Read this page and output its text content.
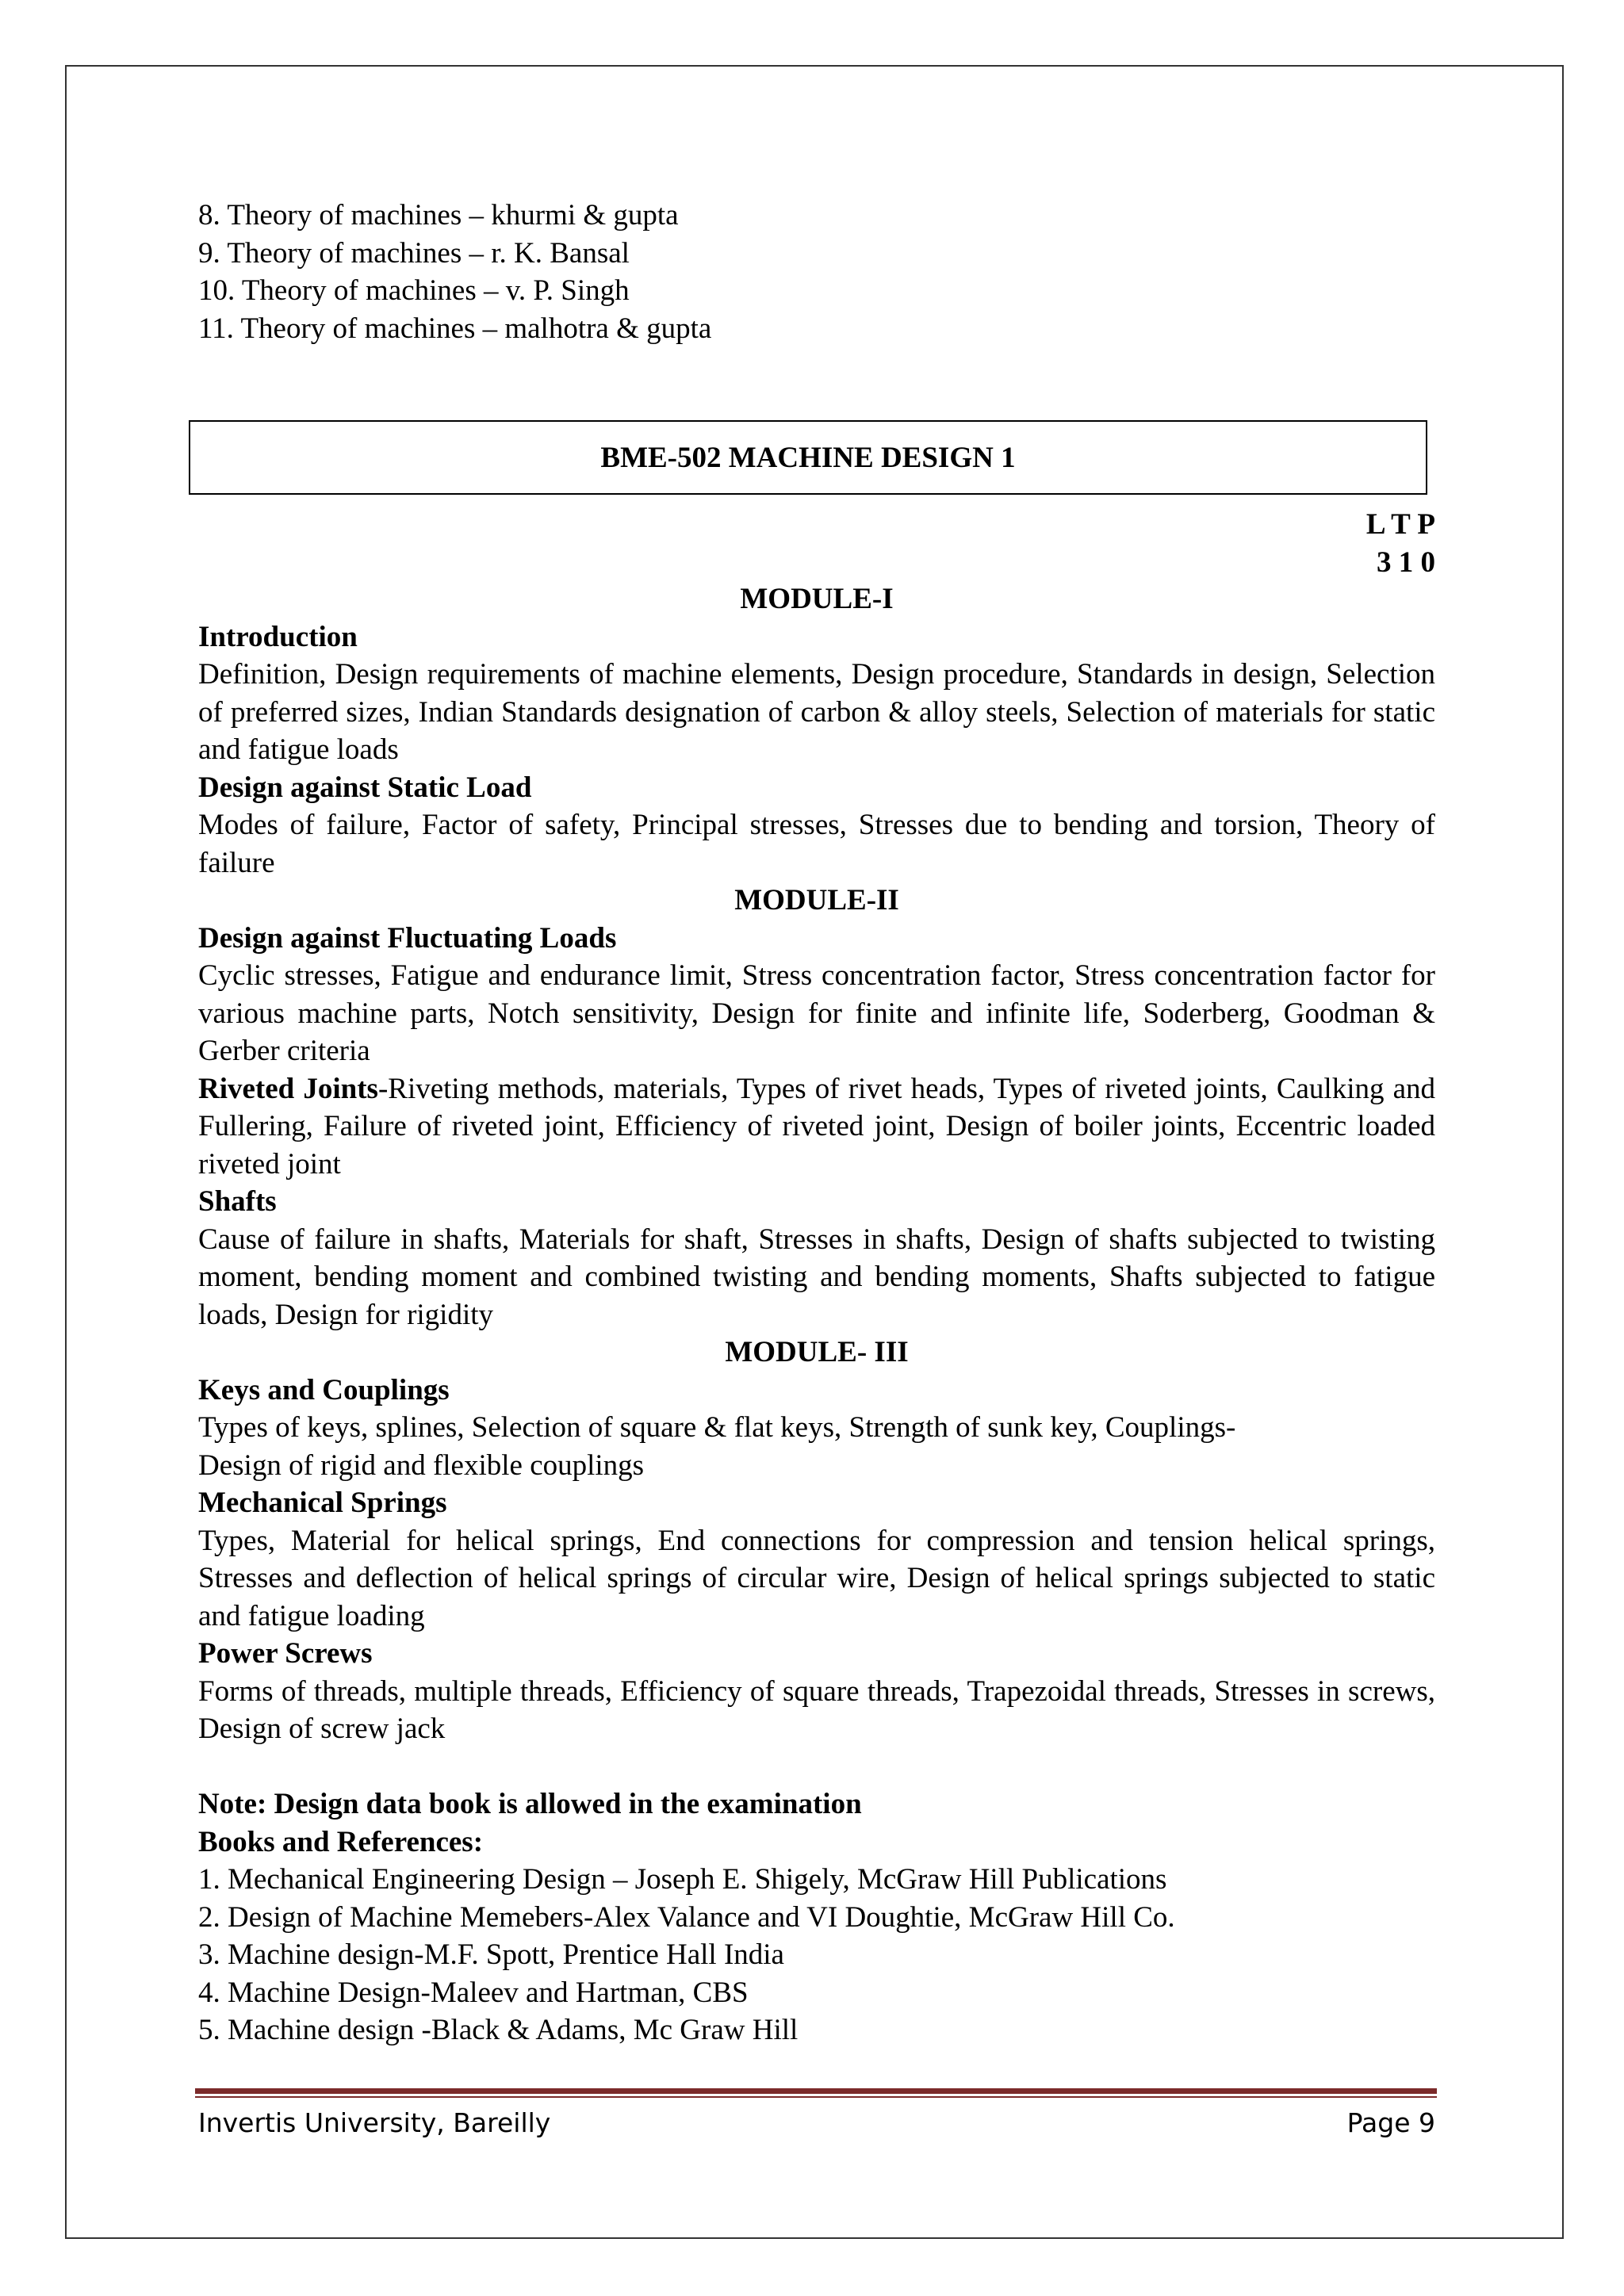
8. Theory of machines – khurmi & gupta
9. Theory of machines – r. K. Bansal
10. Theory of machines – v. P. Singh
11. Theory of machines – malhotra & gupta
BME-502 MACHINE DESIGN 1
L T P
3 1 0
MODULE-I
Introduction
Definition, Design requirements of machine elements, Design procedure, Standards in design, Selection of preferred sizes, Indian Standards designation of carbon & alloy steels, Selection of materials for static and fatigue loads
Design against Static Load
Modes of failure, Factor of safety, Principal stresses, Stresses due to bending and torsion, Theory of failure
MODULE-II
Design against Fluctuating Loads
Cyclic stresses, Fatigue and endurance limit, Stress concentration factor, Stress concentration factor for various machine parts, Notch sensitivity, Design for finite and infinite life, Soderberg, Goodman & Gerber criteria
Riveted Joints-Riveting methods, materials, Types of rivet heads, Types of riveted joints, Caulking and Fullering, Failure of riveted joint, Efficiency of riveted joint, Design of boiler joints, Eccentric loaded riveted joint
Shafts
Cause of failure in shafts, Materials for shaft, Stresses in shafts, Design of shafts subjected to twisting moment, bending moment and combined twisting and bending moments, Shafts subjected to fatigue loads, Design for rigidity
MODULE- III
Keys and Couplings
Types of keys, splines, Selection of square & flat keys, Strength of sunk key, Couplings-
Design of rigid and flexible couplings
Mechanical Springs
Types, Material for helical springs, End connections for compression and tension helical springs, Stresses and deflection of helical springs of circular wire, Design of helical springs subjected to static and fatigue loading
Power Screws
Forms of threads, multiple threads, Efficiency of square threads, Trapezoidal threads, Stresses in screws, Design of screw jack
Note: Design data book is allowed in the examination
Books and References:
1. Mechanical Engineering Design – Joseph E. Shigely, McGraw Hill Publications
2. Design of Machine Memebers-Alex Valance and VI Doughtie, McGraw Hill Co.
3. Machine design-M.F. Spott, Prentice Hall India
4. Machine Design-Maleev and Hartman, CBS
5. Machine design -Black & Adams, Mc Graw Hill
Invertis University, Bareilly	Page 9
